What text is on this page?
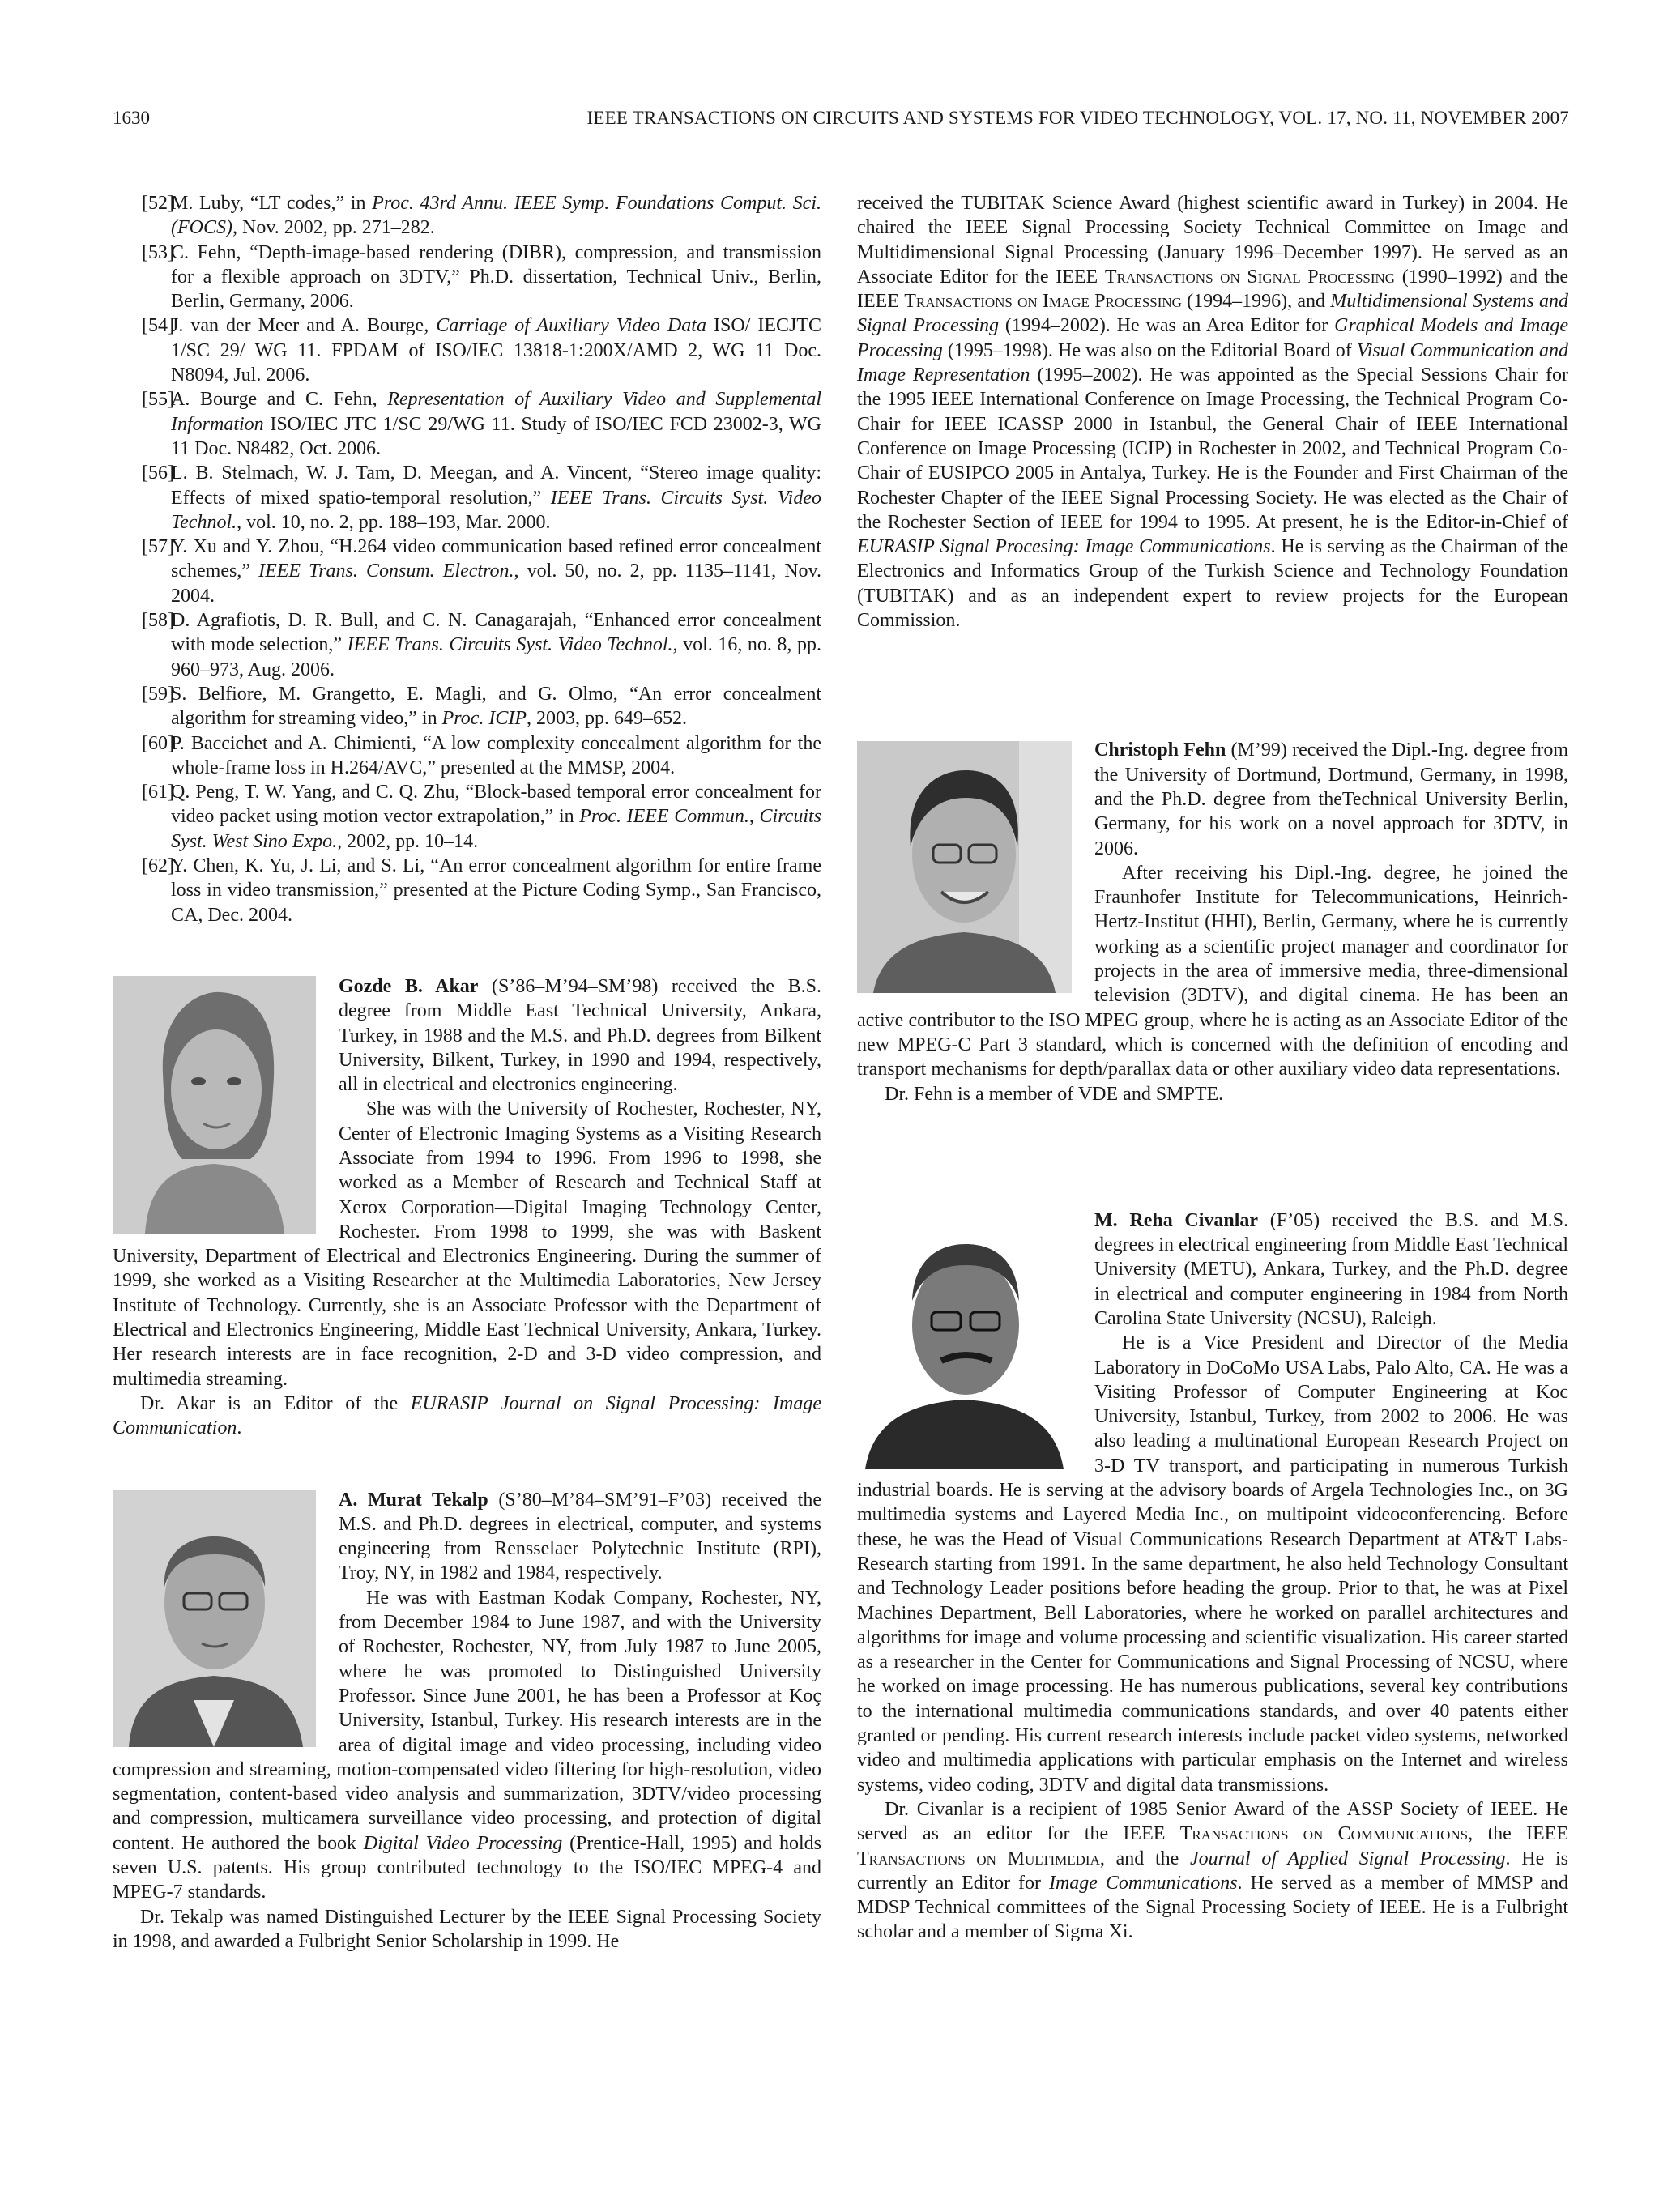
1630	IEEE TRANSACTIONS ON CIRCUITS AND SYSTEMS FOR VIDEO TECHNOLOGY, VOL. 17, NO. 11, NOVEMBER 2007
[52]
M. Luby, “LT codes,” in Proc. 43rd Annu. IEEE Symp. Foundations Comput. Sci. (FOCS), Nov. 2002, pp. 271–282.
[53]
C. Fehn, “Depth-image-based rendering (DIBR), compression, and transmission for a flexible approach on 3DTV,” Ph.D. dissertation, Technical Univ., Berlin, Berlin, Germany, 2006.
[54]
J. van der Meer and A. Bourge, Carriage of Auxiliary Video Data ISO/ IECJTC 1/SC 29/ WG 11. FPDAM of ISO/IEC 13818-1:200X/AMD 2, WG 11 Doc. N8094, Jul. 2006.
[55]
A. Bourge and C. Fehn, Representation of Auxiliary Video and Supplemental Information ISO/IEC JTC 1/SC 29/WG 11. Study of ISO/IEC FCD 23002-3, WG 11 Doc. N8482, Oct. 2006.
[56]
L. B. Stelmach, W. J. Tam, D. Meegan, and A. Vincent, “Stereo image quality: Effects of mixed spatio-temporal resolution,” IEEE Trans. Circuits Syst. Video Technol., vol. 10, no. 2, pp. 188–193, Mar. 2000.
[57]
Y. Xu and Y. Zhou, “H.264 video communication based refined error concealment schemes,” IEEE Trans. Consum. Electron., vol. 50, no. 2, pp. 1135–1141, Nov. 2004.
[58]
D. Agrafiotis, D. R. Bull, and C. N. Canagarajah, “Enhanced error concealment with mode selection,” IEEE Trans. Circuits Syst. Video Technol., vol. 16, no. 8, pp. 960–973, Aug. 2006.
[59]
S. Belfiore, M. Grangetto, E. Magli, and G. Olmo, “An error concealment algorithm for streaming video,” in Proc. ICIP, 2003, pp. 649–652.
[60]
P. Baccichet and A. Chimienti, “A low complexity concealment algorithm for the whole-frame loss in H.264/AVC,” presented at the MMSP, 2004.
[61]
Q. Peng, T. W. Yang, and C. Q. Zhu, “Block-based temporal error concealment for video packet using motion vector extrapolation,” in Proc. IEEE Commun., Circuits Syst. West Sino Expo., 2002, pp. 10–14.
[62]
Y. Chen, K. Yu, J. Li, and S. Li, “An error concealment algorithm for entire frame loss in video transmission,” presented at the Picture Coding Symp., San Francisco, CA, Dec. 2004.

Gozde B. Akar (S’86–M’94–SM’98) received the B.S. degree from Middle East Technical University, Ankara, Turkey, in 1988 and the M.S. and Ph.D. degrees from Bilkent University, Bilkent, Turkey, in 1990 and 1994, respectively, all in electrical and electronics engineering.

She was with the University of Rochester, Rochester, NY, Center of Electronic Imaging Systems as a Visiting Research Associate from 1994 to 1996. From 1996 to 1998, she worked as a Member of Research and Technical Staff at Xerox Corporation—Digital Imaging Technology Center, Rochester. From 1998 to 1999, she was with Baskent University, Department of Electrical and Electronics Engineering. During the summer of 1999, she worked as a Visiting Researcher at the Multimedia Laboratories, New Jersey Institute of Technology. Currently, she is an Associate Professor with the Department of Electrical and Electronics Engineering, Middle East Technical University, Ankara, Turkey. Her research interests are in face recognition, 2-D and 3-D video compression, and multimedia streaming.

Dr. Akar is an Editor of the EURASIP Journal on Signal Processing: Image Communication.

A. Murat Tekalp (S’80–M’84–SM’91–F’03) received the M.S. and Ph.D. degrees in electrical, computer, and systems engineering from Rensselaer Polytechnic Institute (RPI), Troy, NY, in 1982 and 1984, respectively.

He was with Eastman Kodak Company, Rochester, NY, from December 1984 to June 1987, and with the University of Rochester, Rochester, NY, from July 1987 to June 2005, where he was promoted to Distinguished University Professor. Since June 2001, he has been a Professor at Koç University, Istanbul, Turkey. His research interests are in the area of digital image and video processing, including video compression and streaming, motion-compensated video filtering for high-resolution, video segmentation, content-based video analysis and summarization, 3DTV/video processing and compression, multicamera surveillance video processing, and protection of digital content. He authored the book Digital Video Processing (Prentice-Hall, 1995) and holds seven U.S. patents. His group contributed technology to the ISO/IEC MPEG-4 and MPEG-7 standards.

Dr. Tekalp was named Distinguished Lecturer by the IEEE Signal Processing Society in 1998, and awarded a Fulbright Senior Scholarship in 1999. He

received the TUBITAK Science Award (highest scientific award in Turkey) in 2004. He chaired the IEEE Signal Processing Society Technical Committee on Image and Multidimensional Signal Processing (January 1996–December 1997). He served as an Associate Editor for the IEEE Transactions on Signal Processing (1990–1992) and the IEEE Transactions on Image Processing (1994–1996), and Multidimensional Systems and Signal Processing (1994–2002). He was an Area Editor for Graphical Models and Image Processing (1995–1998). He was also on the Editorial Board of Visual Communication and Image Representation (1995–2002). He was appointed as the Special Sessions Chair for the 1995 IEEE International Conference on Image Processing, the Technical Program Co-Chair for IEEE ICASSP 2000 in Istanbul, the General Chair of IEEE International Conference on Image Processing (ICIP) in Rochester in 2002, and Technical Program Co-Chair of EUSIPCO 2005 in Antalya, Turkey. He is the Founder and First Chairman of the Rochester Chapter of the IEEE Signal Processing Society. He was elected as the Chair of the Rochester Section of IEEE for 1994 to 1995. At present, he is the Editor-in-Chief of EURASIP Signal Procesing: Image Communications. He is serving as the Chairman of the Electronics and Informatics Group of the Turkish Science and Technology Foundation (TUBITAK) and as an independent expert to review projects for the European Commission.

Christoph Fehn (M’99) received the Dipl.-Ing. degree from the University of Dortmund, Dortmund, Germany, in 1998, and the Ph.D. degree from theTechnical University Berlin, Germany, for his work on a novel approach for 3DTV, in 2006.

After receiving his Dipl.-Ing. degree, he joined the Fraunhofer Institute for Telecommunications, Heinrich-Hertz-Institut (HHI), Berlin, Germany, where he is currently working as a scientific project manager and coordinator for projects in the area of immersive media, three-dimensional television (3DTV), and digital cinema. He has been an active contributor to the ISO MPEG group, where he is acting as an Associate Editor of the new MPEG-C Part 3 standard, which is concerned with the definition of encoding and transport mechanisms for depth/parallax data or other auxiliary video data representations.

Dr. Fehn is a member of VDE and SMPTE.

M. Reha Civanlar (F’05) received the B.S. and M.S. degrees in electrical engineering from Middle East Technical University (METU), Ankara, Turkey, and the Ph.D. degree in electrical and computer engineering in 1984 from North Carolina State University (NCSU), Raleigh.

He is a Vice President and Director of the Media Laboratory in DoCoMo USA Labs, Palo Alto, CA. He was a Visiting Professor of Computer Engineering at Koc University, Istanbul, Turkey, from 2002 to 2006. He was also leading a multinational European Research Project on 3-D TV transport, and participating in numerous Turkish industrial boards. He is serving at the advisory boards of Argela Technologies Inc., on 3G multimedia systems and Layered Media Inc., on multipoint videoconferencing. Before these, he was the Head of Visual Communications Research Department at AT&T Labs-Research starting from 1991. In the same department, he also held Technology Consultant and Technology Leader positions before heading the group. Prior to that, he was at Pixel Machines Department, Bell Laboratories, where he worked on parallel architectures and algorithms for image and volume processing and scientific visualization. His career started as a researcher in the Center for Communications and Signal Processing of NCSU, where he worked on image processing. He has numerous publications, several key contributions to the international multimedia communications standards, and over 40 patents either granted or pending. His current research interests include packet video systems, networked video and multimedia applications with particular emphasis on the Internet and wireless systems, video coding, 3DTV and digital data transmissions.

Dr. Civanlar is a recipient of 1985 Senior Award of the ASSP Society of IEEE. He served as an editor for the IEEE Transactions on Communications, the IEEE Transactions on Multimedia, and the Journal of Applied Signal Processing. He is currently an Editor for Image Communications. He served as a member of MMSP and MDSP Technical committees of the Signal Processing Society of IEEE. He is a Fulbright scholar and a member of Sigma Xi.
